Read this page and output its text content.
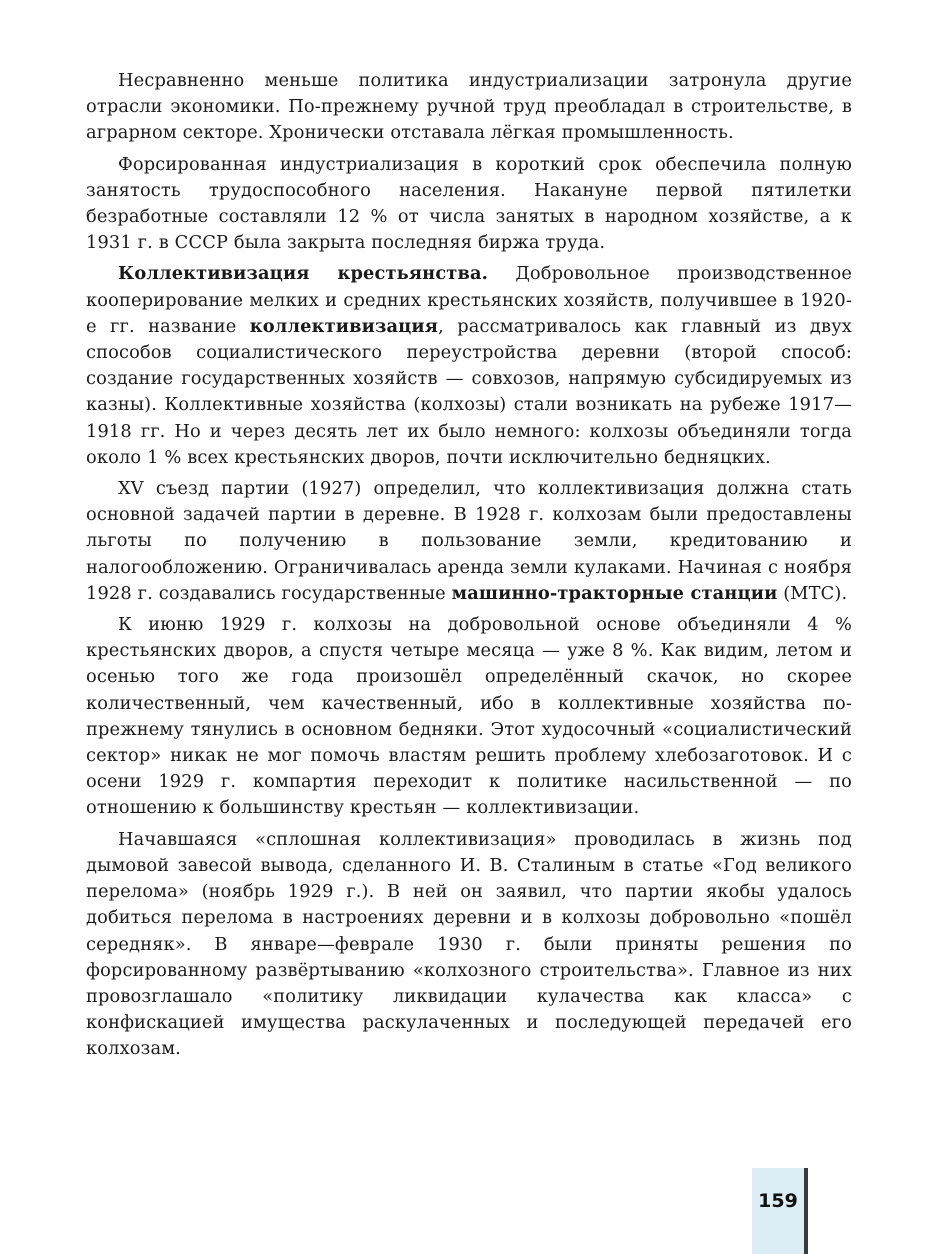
Несравненно меньше политика индустриализации затронула другие отрасли экономики. По-прежнему ручной труд преобладал в строительстве, в аграрном секторе. Хронически отставала лёгкая промышленность.

Форсированная индустриализация в короткий срок обеспечила полную занятость трудоспособного населения. Накануне первой пятилетки безработные составляли 12 % от числа занятых в народном хозяйстве, а к 1931 г. в СССР была закрыта последняя биржа труда.

Коллективизация крестьянства. Добровольное производственное кооперирование мелких и средних крестьянских хозяйств, получившее в 1920-е гг. название коллективизация, рассматривалось как главный из двух способов социалистического переустройства деревни (второй способ: создание государственных хозяйств — совхозов, напрямую субсидируемых из казны). Коллективные хозяйства (колхозы) стали возникать на рубеже 1917—1918 гг. Но и через десять лет их было немного: колхозы объединяли тогда около 1 % всех крестьянских дворов, почти исключительно бедняцких.

XV съезд партии (1927) определил, что коллективизация должна стать основной задачей партии в деревне. В 1928 г. колхозам были предоставлены льготы по получению в пользование земли, кредитованию и налогообложению. Ограничивалась аренда земли кулаками. Начиная с ноября 1928 г. создавались государственные машинно-тракторные станции (МТС).

К июню 1929 г. колхозы на добровольной основе объединяли 4 % крестьянских дворов, а спустя четыре месяца — уже 8 %. Как видим, летом и осенью того же года произошёл определённый скачок, но скорее количественный, чем качественный, ибо в коллективные хозяйства по-прежнему тянулись в основном бедняки. Этот худосочный «социалистический сектор» никак не мог помочь властям решить проблему хлебозаготовок. И с осени 1929 г. компартия переходит к политике насильственной — по отношению к большинству крестьян — коллективизации.

Начавшаяся «сплошная коллективизация» проводилась в жизнь под дымовой завесой вывода, сделанного И. В. Сталиным в статье «Год великого перелома» (ноябрь 1929 г.). В ней он заявил, что партии якобы удалось добиться перелома в настроениях деревни и в колхозы добровольно «пошёл середняк». В январе—феврале 1930 г. были приняты решения по форсированному развёртыванию «колхозного строительства». Главное из них провозглашало «политику ликвидации кулачества как класса» с конфискацией имущества раскулаченных и последующей передачей его колхозам.

159
